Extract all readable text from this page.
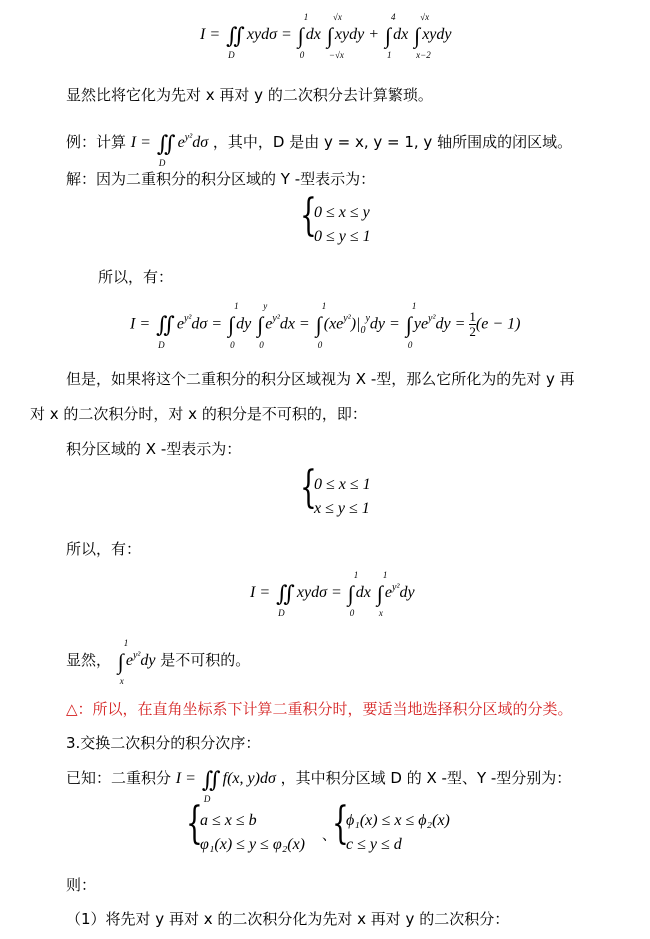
I = ∬
D
xydσ = ∫
1
0
dx ∫
√x
−√x
xydy + ∫
4
1
dx ∫
√x
x−2
xydy
显然比将它化为先对 x 再对 y 的二次积分去计算繁琐。
例：计算 I = ∬
D
$e^{y^2}d\sigma$ ，其中，D 是由 y = x, y = 1, y 轴所围成的闭区域。
解：因为二重积分的积分区域的 Y -型表示为：
{
0 ≤ x ≤ y
0 ≤ y ≤ 1
所以，有：
I = ∬
D
$e^{y^2}d\sigma$ = ∫
1
0
dy ∫
y
0
$e^{y^2}dx$ = ∫
1
0
$(xe^{y^2})|_0^ydy$ = ∫
1
0
$ye^{y^2}dy = \frac{1}{2} (e - 1)$
但是，如果将这个二重积分的积分区域视为 X -型，那么它所化为的先对 y 再
对 x 的二次积分时，对 x 的积分是不可积的，即：
积分区域的 X -型表示为：
{
0 ≤ x ≤ 1
x ≤ y ≤ 1
所以，有：
I = ∬
D
xydσ = ∫
1
0
dx ∫
1
x
$e^{y^2}dy$
显然， ∫
1
x
$e^{y^2}dy$ 是不可积的。
△：所以，在直角坐标系下计算二重积分时，要适当地选择积分区域的分类。
3.交换二次积分的积分次序：
已知：二重积分 I = ∬
D
f(x, y)dσ ，其中积分区域 D 的 X -型、Y -型分别为：
{
a ≤ x ≤ b
φ₁(x) ≤ y ≤ φ₂(x) 、
{
ϕ₁(x) ≤ x ≤ ϕ₂(x)
c ≤ y ≤ d
则：
（1）将先对 y 再对 x 的二次积分化为先对 x 再对 y 的二次积分：
